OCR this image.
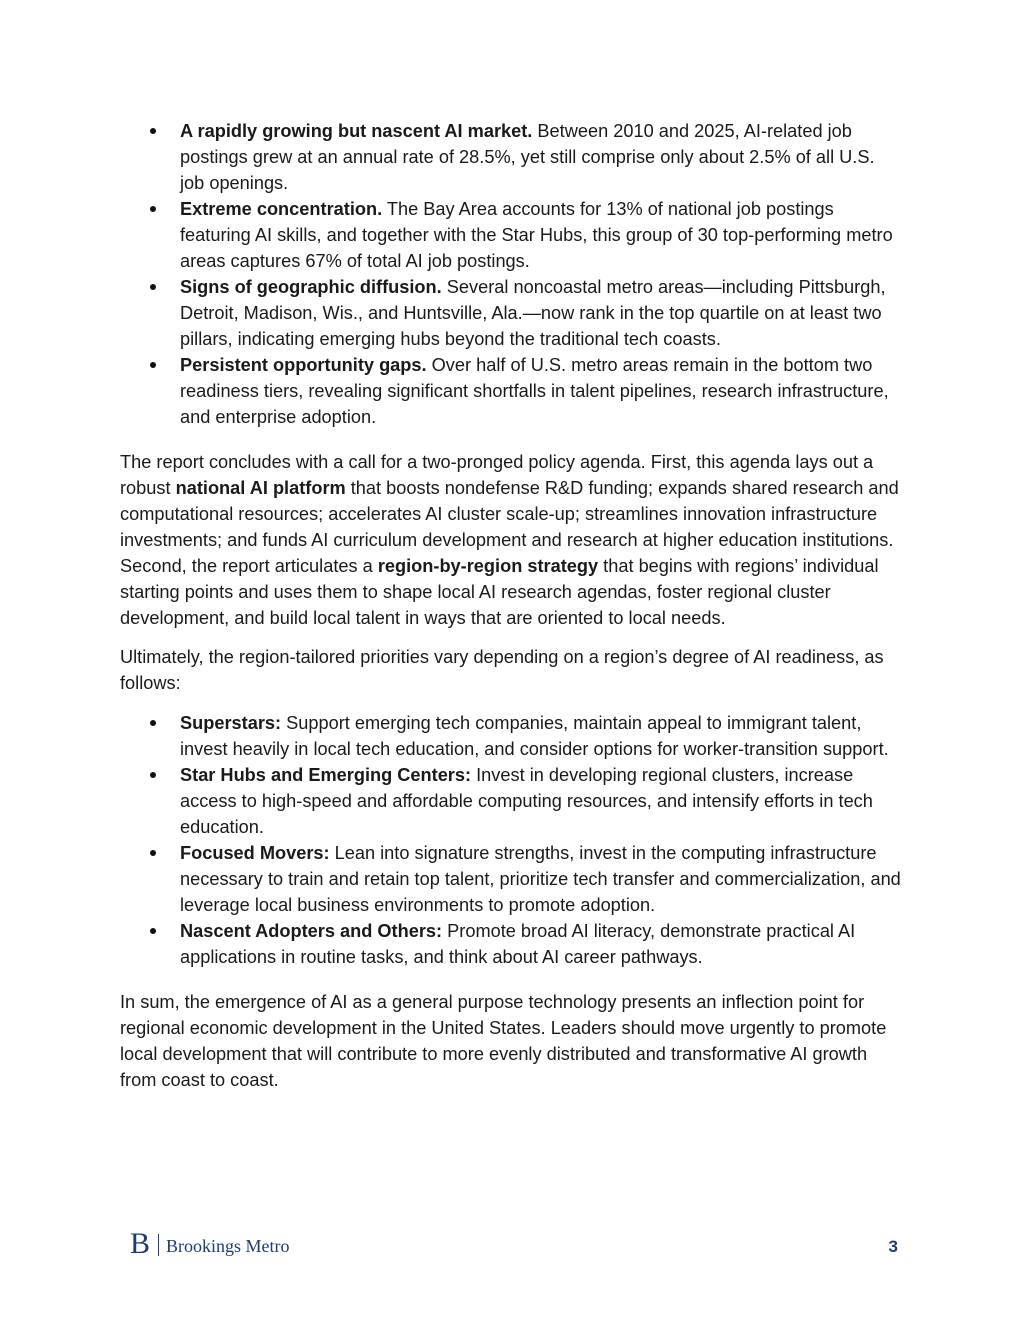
A rapidly growing but nascent AI market. Between 2010 and 2025, AI-related job postings grew at an annual rate of 28.5%, yet still comprise only about 2.5% of all U.S. job openings.
Extreme concentration. The Bay Area accounts for 13% of national job postings featuring AI skills, and together with the Star Hubs, this group of 30 top-performing metro areas captures 67% of total AI job postings.
Signs of geographic diffusion. Several noncoastal metro areas—including Pittsburgh, Detroit, Madison, Wis., and Huntsville, Ala.—now rank in the top quartile on at least two pillars, indicating emerging hubs beyond the traditional tech coasts.
Persistent opportunity gaps. Over half of U.S. metro areas remain in the bottom two readiness tiers, revealing significant shortfalls in talent pipelines, research infrastructure, and enterprise adoption.

The report concludes with a call for a two-pronged policy agenda. First, this agenda lays out a robust national AI platform that boosts nondefense R&D funding; expands shared research and computational resources; accelerates AI cluster scale-up; streamlines innovation infrastructure investments; and funds AI curriculum development and research at higher education institutions. Second, the report articulates a region-by-region strategy that begins with regions’ individual starting points and uses them to shape local AI research agendas, foster regional cluster development, and build local talent in ways that are oriented to local needs.

Ultimately, the region-tailored priorities vary depending on a region’s degree of AI readiness, as follows:

Superstars: Support emerging tech companies, maintain appeal to immigrant talent, invest heavily in local tech education, and consider options for worker-transition support.
Star Hubs and Emerging Centers: Invest in developing regional clusters, increase access to high-speed and affordable computing resources, and intensify efforts in tech education.
Focused Movers: Lean into signature strengths, invest in the computing infrastructure necessary to train and retain top talent, prioritize tech transfer and commercialization, and leverage local business environments to promote adoption.
Nascent Adopters and Others: Promote broad AI literacy, demonstrate practical AI applications in routine tasks, and think about AI career pathways.

In sum, the emergence of AI as a general purpose technology presents an inflection point for regional economic development in the United States. Leaders should move urgently to promote local development that will contribute to more evenly distributed and transformative AI growth from coast to coast.

B Brookings Metro	3
